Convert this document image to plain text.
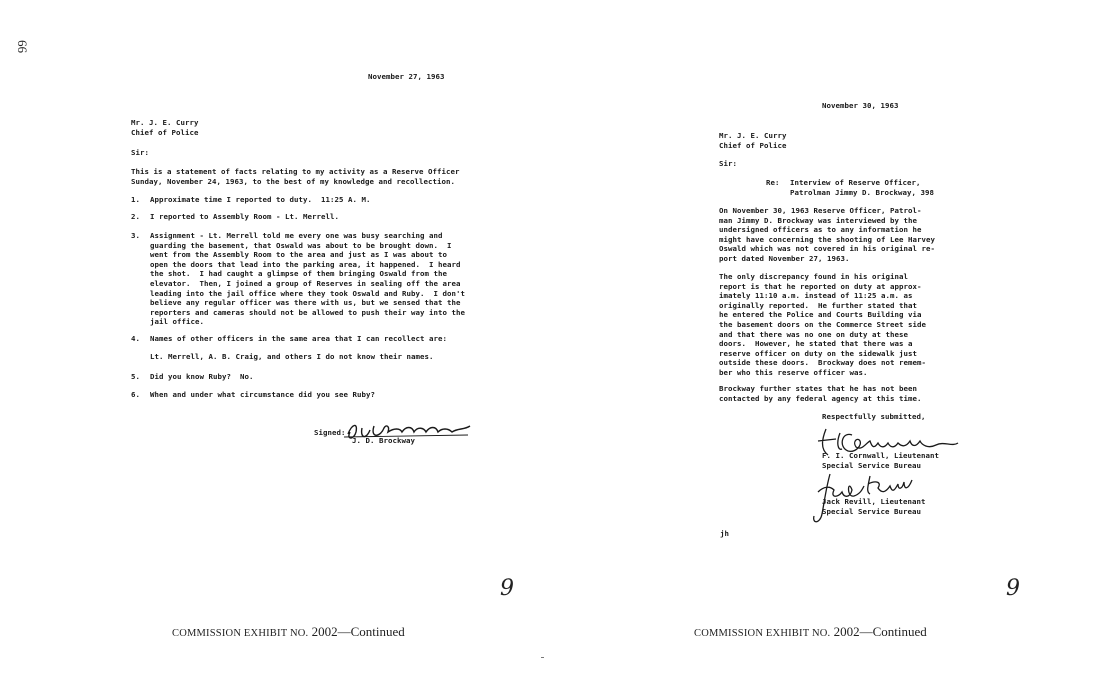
66
November 27, 1963
Mr. J. E. Curry
Chief of Police
Sir:
This is a statement of facts relating to my activity as a Reserve Officer
Sunday, November 24, 1963, to the best of my knowledge and recollection.
1. Approximate time I reported to duty.  11:25 A. M.
2. I reported to Assembly Room - Lt. Merrell.
3. Assignment - Lt. Merrell told me every one was busy searching and
guarding the basement, that Oswald was about to be brought down.  I
went from the Assembly Room to the area and just as I was about to
open the doors that lead into the parking area, it happened.  I heard
the shot.  I had caught a glimpse of them bringing Oswald from the
elevator.  Then, I joined a group of Reserves in sealing off the area
leading into the jail office where they took Oswald and Ruby.  I don't
believe any regular officer was there with us, but we sensed that the
reporters and cameras should not be allowed to push their way into the
jail office.
4. Names of other officers in the same area that I can recollect are:
Lt. Merrell, A. B. Craig, and others I do not know their names.
5. Did you know Ruby?  No.
6. When and under what circumstance did you see Ruby?
Signed:
J. D. Brockway
9
COMMISSION EXHIBIT NO. 2002—Continued
November 30, 1963
Mr. J. E. Curry
Chief of Police
Sir:
Re: Interview of Reserve Officer,
Patrolman Jimmy D. Brockway, 398
On November 30, 1963 Reserve Officer, Patrol-
man Jimmy D. Brockway was interviewed by the
undersigned officers as to any information he
might have concerning the shooting of Lee Harvey
Oswald which was not covered in his original re-
port dated November 27, 1963.
The only discrepancy found in his original
report is that he reported on duty at approx-
imately 11:10 a.m. instead of 11:25 a.m. as
originally reported.  He further stated that
he entered the Police and Courts Building via
the basement doors on the Commerce Street side
and that there was no one on duty at these
doors.  However, he stated that there was a
reserve officer on duty on the sidewalk just
outside these doors.  Brockway does not remem-
ber who this reserve officer was.
Brockway further states that he has not been
contacted by any federal agency at this time.
Respectfully submitted,
F. I. Cornwall, Lieutenant
Special Service Bureau
Jack Revill, Lieutenant
Special Service Bureau
jh
9
COMMISSION EXHIBIT NO. 2002—Continued
